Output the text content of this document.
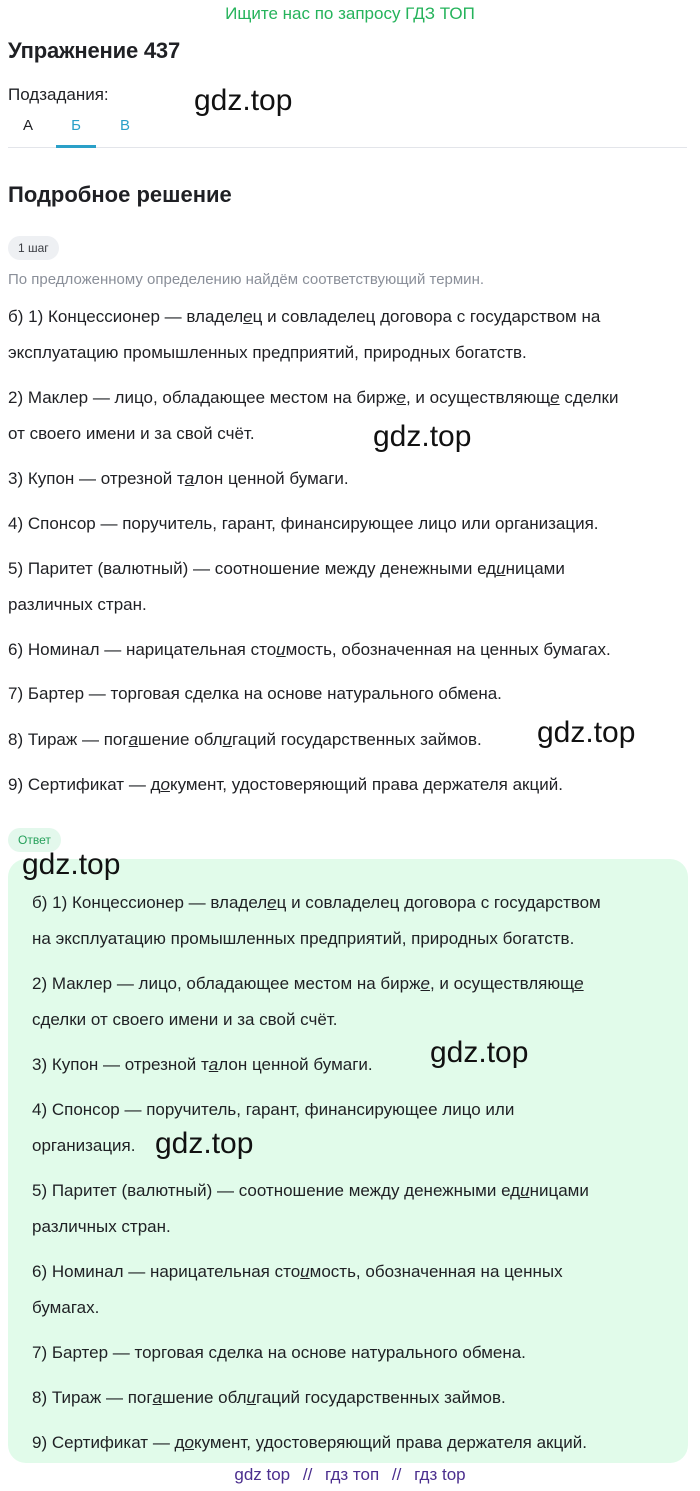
Ищите нас по запросу ГДЗ ТОП
Упражнение 437
Подзадания:
А	Б	В
Подробное решение
1 шаг
По предложенному определению найдём соответствующий термин.
б) 1) Концессионер — владелец и совладелец договора с государством на
эксплуатацию промышленных предприятий, природных богатств.
2) Маклер — лицо, обладающее местом на бирже, и осуществляюще сделки
от своего имени и за свой счёт.
3) Купон — отрезной талон ценной бумаги.
4) Спонсор — поручитель, гарант, финансирующее лицо или организация.
5) Паритет (валютный) — соотношение между денежными единицами
различных стран.
6) Номинал — нарицательная стоимость, обозначенная на ценных бумагах.
7) Бартер — торговая сделка на основе натурального обмена.
8) Тираж — погашение облигаций государственных займов.
9) Сертификат — документ, удостоверяющий права держателя акций.
Ответ
б) 1) Концессионер — владелец и совладелец договора с государством
на эксплуатацию промышленных предприятий, природных богатств.
2) Маклер — лицо, обладающее местом на бирже, и осуществляюще
сделки от своего имени и за свой счёт.
3) Купон — отрезной талон ценной бумаги.
4) Спонсор — поручитель, гарант, финансирующее лицо или
организация.
5) Паритет (валютный) — соотношение между денежными единицами
различных стран.
6) Номинал — нарицательная стоимость, обозначенная на ценных
бумагах.
7) Бартер — торговая сделка на основе натурального обмена.
8) Тираж — погашение облигаций государственных займов.
9) Сертификат — документ, удостоверяющий права держателя акций.
gdz.top
gdz.top
gdz.top
gdz.top
gdz.top
gdz.top
gdz top // гдз топ // гдз top
